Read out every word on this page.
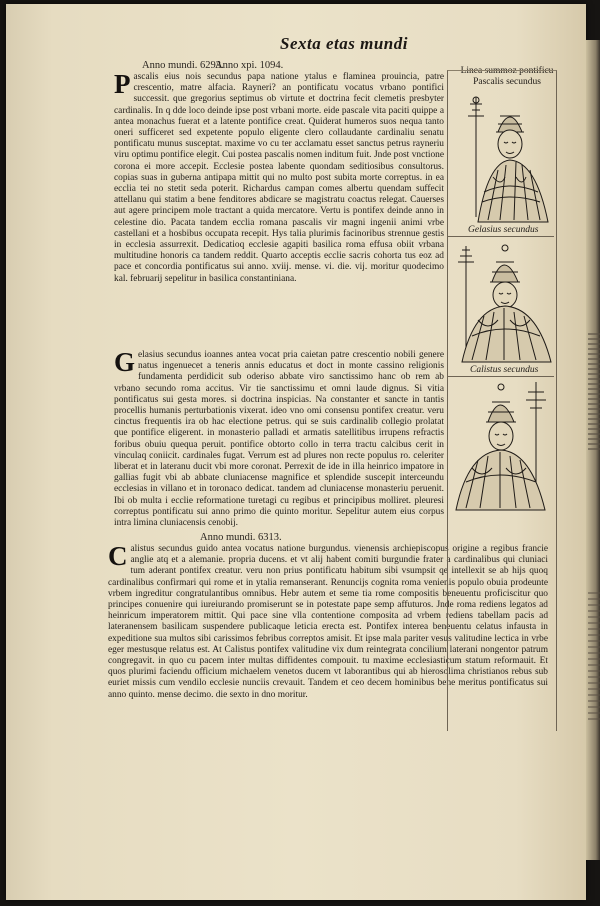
Sexta etas mundi
Anno mundi. 6293.
Anno xpi. 1094.
Pascalis eius nois secundus papa natione ytalus e flaminea prouincia, patre crescentio, matre alfacia. Rayneri? an pontificatu vocatus vrbano pontifici successit. que gregorius septimus ob virtute et doctrina fecit clemetis presbyter cardinalis. In q dde loco deinde ipse post vrbani morte. eide pascale vita paciti quippe a antea monachus fuerat et a latente pontifice creat. Quiderat humeros suos nequa tanto oneri sufficeret sed expetente populo eligente clero collaudante cardinaliu senatu pontificatu munus susceptat. maxime vo cu ter acclamatu esset sanctus petrus rayneriu viru optimu pontifice elegit. Cui postea pascalis nomen inditum fuit. Jnde post vnctione corona ei more accepit. Ecclesie postea labente quondam seditiosibus consultorus. copias suas in guberna antipapa mittit qui no multo post subita morte correptus. in ea ecclia tei no stetit seda poterit. Richardus campan comes albertu quendam suffecit attellanu qui statim a bene fenditores abdicare se magistratu coactus relegat. Cauerses aut agere principem mole tractant a quida mercatore. Vertu is pontifex deinde anno in celestine dio. Pacata tandem ecclia romana pascalis vir magni ingenii animi vrbe castellani et a hosbibus occupata recepit. Hys talia plurimis facinoribus strennue gestis in ecclesia assurrexit. Dedicatioq ecclesie agapiti basilica roma effusa obiit vrbana multitudine honoris ca tandem reddit. Quarto acceptis ecclie sacris cohorta tus eoz ad pace et concordia pontificatus sui anno. xviij. mense. vi. die. vij. moritur quodecimo kal. februarij sepelitur in basilica constantiniana.
Gelasius secundus ioannes antea vocat pria caietan patre crescentio nobili genere natus ingenuecet a teneris annis educatus et doct in monte cassino religionis fundamenta perdidicit sub oderiso abbate viro sanctissimo hanc ob rem ab vrbano secundo roma accitus. Vir tie sanctissimu et omni laude dignus. Si vitia pontificatus sui gesta mores. si doctrina inspicias. Na constanter et sancte in tantis procellis humanis perturbationis vixerat. ideo vno omi consensu pontifex creatur. veru cinctus frequentis ira ob hac electione petrus. qui se suis cardinalib collegio prolatat que pontifice eligerent. in monasterio palladi et armatis satellitibus irrupens refractis foribus obuiu quequa peruit. pontifice obtorto collo in terra tractu calcibus cerit in vinculaq coniicit. cardinales fugat. Verrum est ad plures non recte populus ro. celeriter liberat et in lateranu ducit vbi more coronat. Perrexit de ide in illa heinrico impatore in gallias fugit vbi ab abbate cluniacense magnifice et splendide suscepit interceundu ecclesias in villano et in toronaco dedicat. tandem ad cluniacense monasteriu peruenit. Ibi ob multa i ecclie reformatione turetagi cu regibus et principibus molliret. pleuresi correptus pontificatu sui anno primo die quinto moritur. Sepelitur autem eius corpus intra limina cluniacensis cenobij.
Anno mundi. 6313.
Calistus secundus guido antea vocatus natione burgundus. vienensis archiepiscopus origine a regibus francie anglie atq et a alemanie. propria ducens. et vt alij habent comiti burgundie frater a cardinalibus qui cluniaci tum aderant pontifex creatur. veru non prius pontificatu habitum sibi vsumpsit qe intellexit se ab hijs quoq cardinalibus confirmari qui rome et in ytalia remanserant. Renuncijs cognita roma venienis populo obuia prodeunte vrbem ingreditur congratulantibus omnibus. Hebr autem et seme tia rome compositis beneuentu proficiscitur quo principes conuenire qui iureiurando promiserunt se in potestate pape semp affuturos. Jnde roma rediens legatos ad heinricum imperatorem mittit. Qui pace sine vlla contentione composita ad vrbem rediens tabellam pacis ad lateranensem basilicam suspendere publicaque leticia erecta est. Pontifex interea beneuentu celatus infausta in expeditione sua multos sibi carissimos febribus correptos amisit. Et ipse mala pariter vesus valitudine lectica in vrbe eger mestusque relatus est. At Calistus pontifex valitudine vix dum reintegrata concilium laterani nongentor patrum congregavit. in quo cu pacem inter multas diffidentes compouit. tu maxime ecclesiasticum statum reformauit. Et quos plurimi faciendu officium michaelem venetos ducem vt laborantibus qui ab hierosolima christianos rebus sub euriet missis cum vendilo ecclesie nunciis crevauit. Tandem et ceo decem hominibus bene meritus pontificatus sui anno quinto. mense decimo. die sexto in dno moritur.
Linea summoz pontificu Pascalis secundus
Gelasius secundus
Calistus secundus
